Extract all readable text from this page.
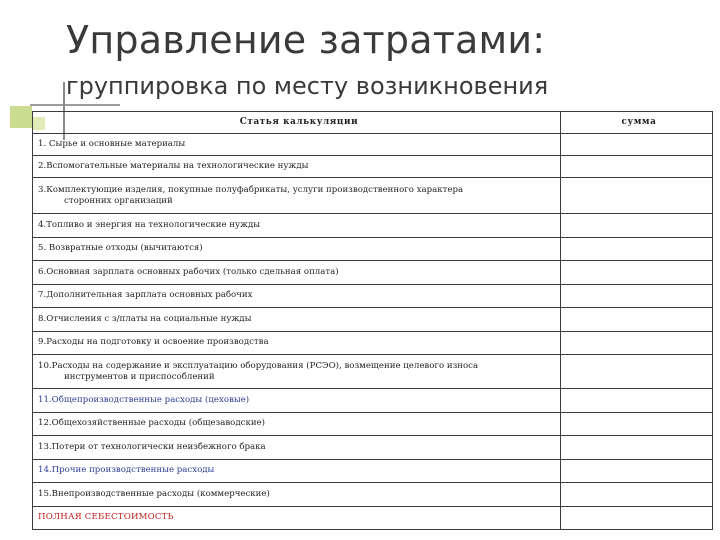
Управление затратами:
группировка по месту возникновения
Статья калькуляции	сумма
1. Сырье и основные материалы	
2.Вспомогательные материалы на технологические нужды	
3.Комплектующие изделия, покупные полуфабрикаты, услуги производственного характера
сторонних организаций	

4.Топливо и энергия на технологические нужды	
5. Возвратные отходы (вычитаются)	
6.Основная зарплата основных рабочих (только сдельная оплата)	
7.Дополнительная зарплата основных рабочих	
8.Отчисления с з/платы на социальные нужды	
9.Расходы на подготовку и освоение производства	
10.Расходы на содержание и эксплуатацию оборудования (РСЭО), возмещение целевого износа
инструментов и приспособлений	

11.Общепроизводственные расходы (цеховые)	
12.Общехозяйственные расходы (общезаводские)	
13.Потери от технологически неизбежного брака	
14.Прочие производственные расходы	
15.Внепроизводственные расходы (коммерческие)	
ПОЛНАЯ СЕБЕСТОИМОСТЬ	
